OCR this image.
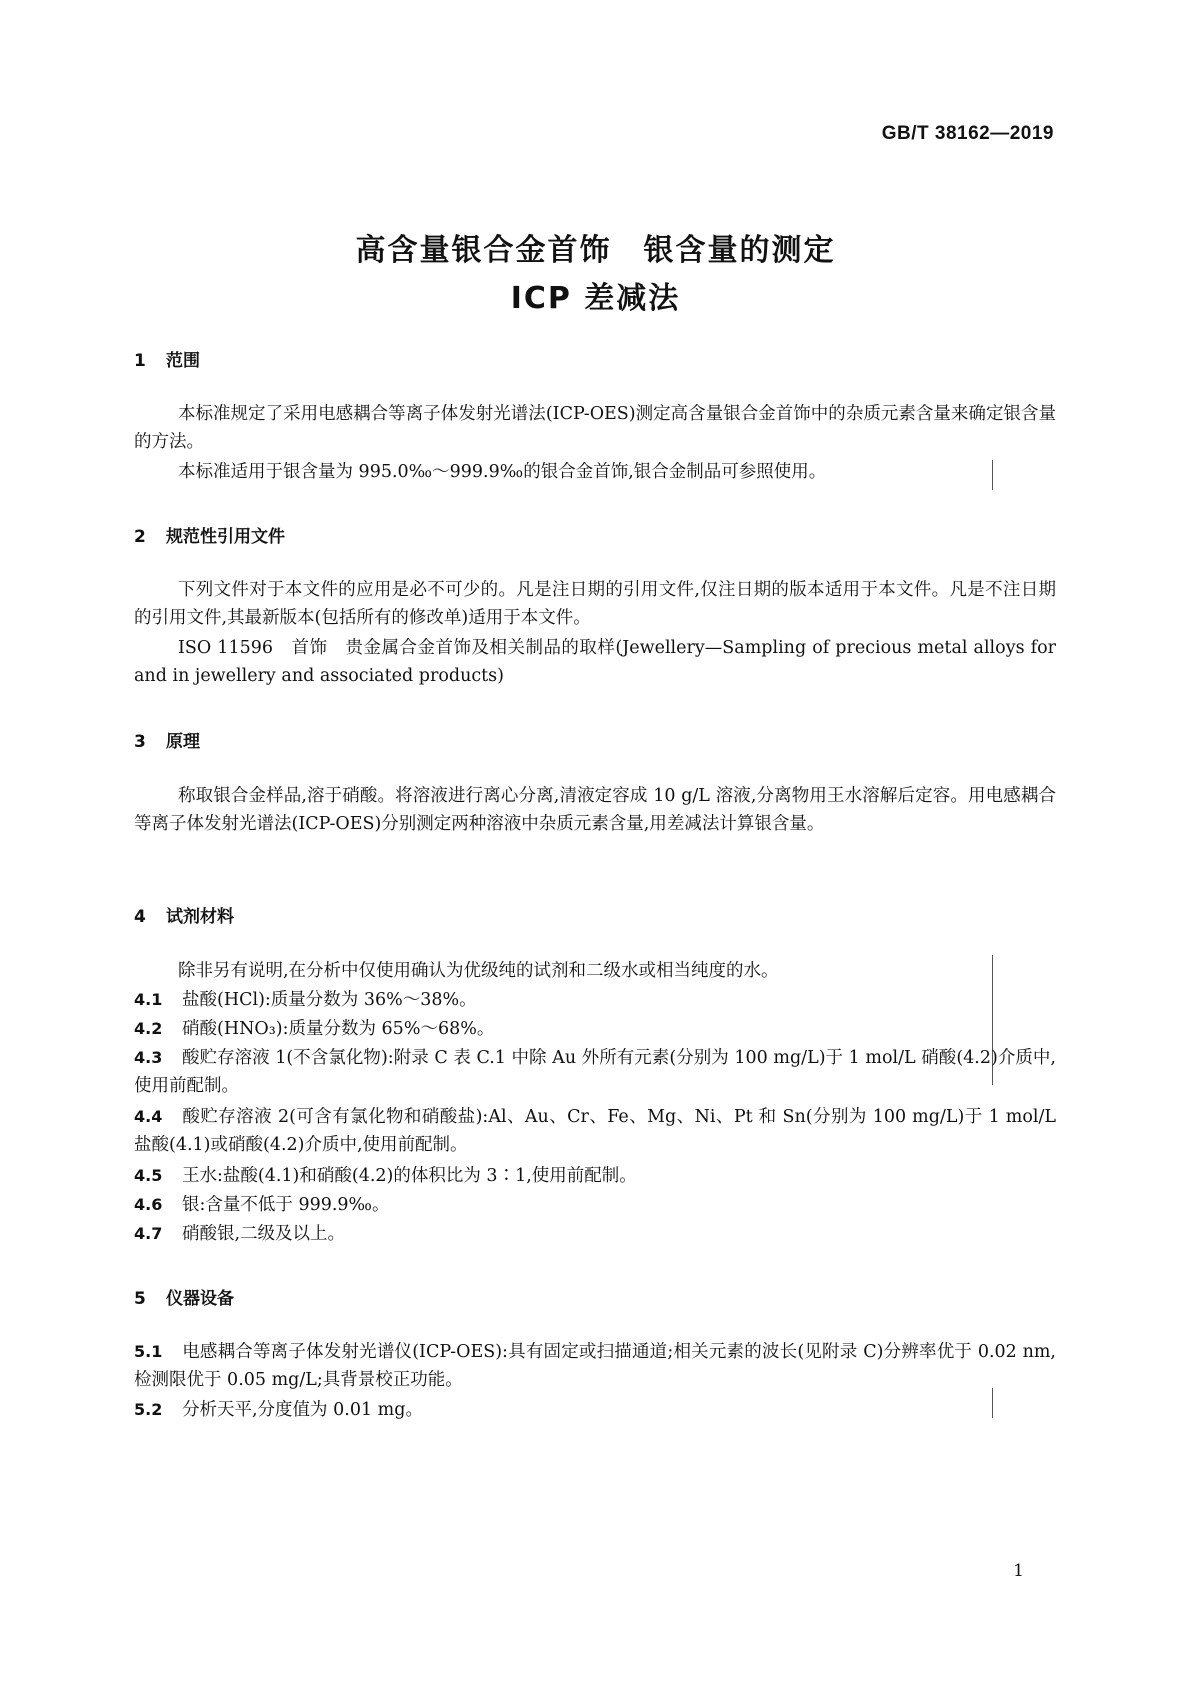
GB/T 38162—2019
高含量银合金首饰　银含量的测定
ICP 差减法
1 范围
本标准规定了采用电感耦合等离子体发射光谱法(ICP-OES)测定高含量银合金首饰中的杂质元素含量来确定银含量的方法。
本标准适用于银含量为 995.0‰～999.9‰的银合金首饰,银合金制品可参照使用。
2 规范性引用文件
下列文件对于本文件的应用是必不可少的。凡是注日期的引用文件,仅注日期的版本适用于本文件。凡是不注日期的引用文件,其最新版本(包括所有的修改单)适用于本文件。
ISO 11596　首饰　贵金属合金首饰及相关制品的取样(Jewellery—Sampling of precious metal alloys for and in jewellery and associated products)
3 原理
称取银合金样品,溶于硝酸。将溶液进行离心分离,清液定容成 10 g/L 溶液,分离物用王水溶解后定容。用电感耦合等离子体发射光谱法(ICP-OES)分别测定两种溶液中杂质元素含量,用差减法计算银含量。
4 试剂材料
除非另有说明,在分析中仅使用确认为优级纯的试剂和二级水或相当纯度的水。
4.1 盐酸(HCl):质量分数为 36%～38%。
4.2 硝酸(HNO₃):质量分数为 65%～68%。
4.3 酸贮存溶液 1(不含氯化物):附录 C 表 C.1 中除 Au 外所有元素(分别为 100 mg/L)于 1 mol/L 硝酸(4.2)介质中,使用前配制。
4.4 酸贮存溶液 2(可含有氯化物和硝酸盐):Al、Au、Cr、Fe、Mg、Ni、Pt 和 Sn(分别为 100 mg/L)于 1 mol/L 盐酸(4.1)或硝酸(4.2)介质中,使用前配制。
4.5 王水:盐酸(4.1)和硝酸(4.2)的体积比为 3∶1,使用前配制。
4.6 银:含量不低于 999.9‰。
4.7 硝酸银,二级及以上。
5 仪器设备
5.1 电感耦合等离子体发射光谱仪(ICP-OES):具有固定或扫描通道;相关元素的波长(见附录 C)分辨率优于 0.02 nm,检测限优于 0.05 mg/L;具背景校正功能。
5.2 分析天平,分度值为 0.01 mg。
1
